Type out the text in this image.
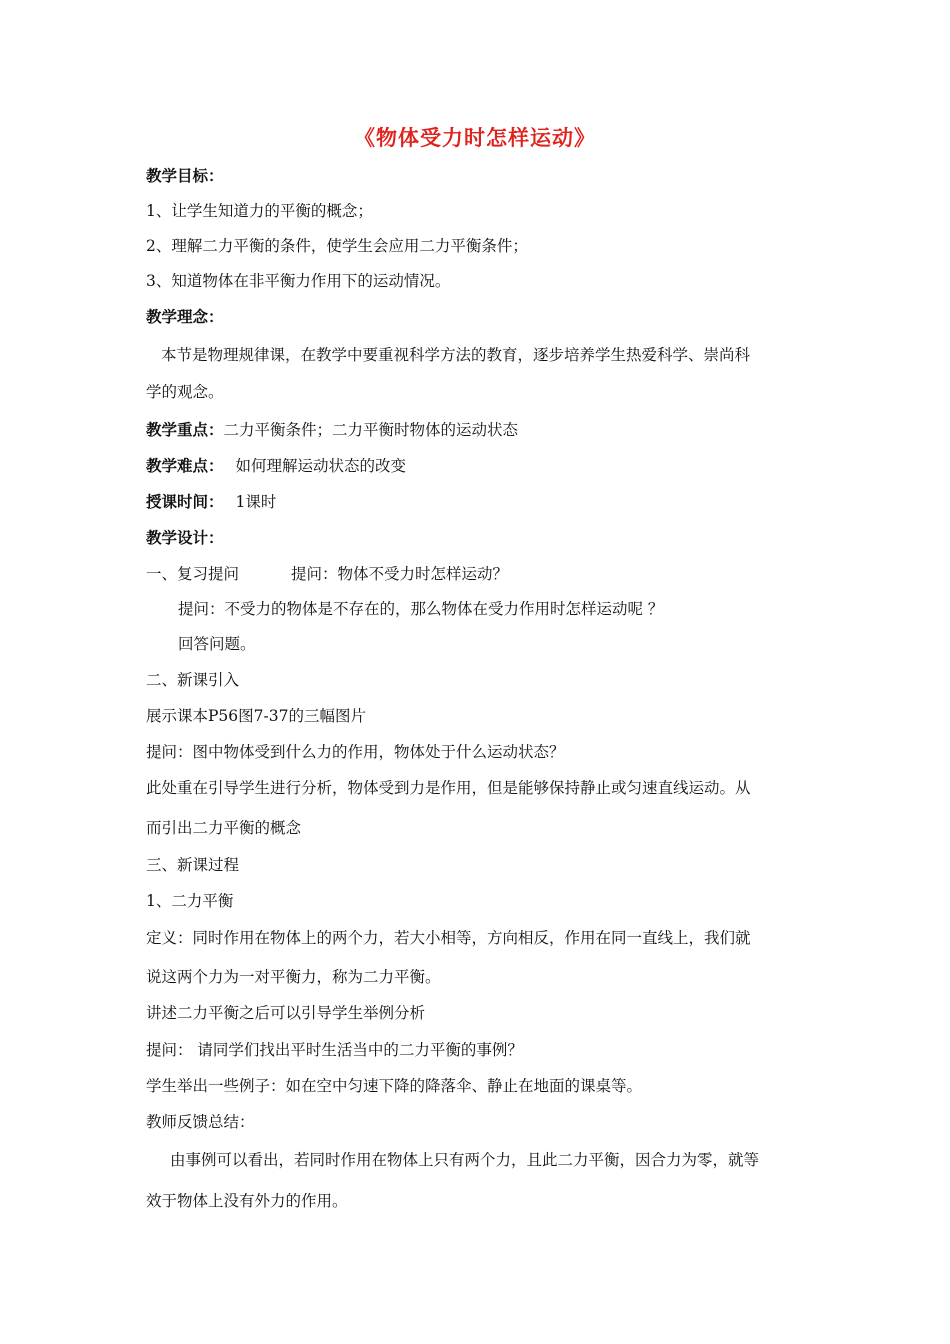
《物体受力时怎样运动》
教学目标：
1、让学生知道力的平衡的概念；
2、理解二力平衡的条件，使学生会应用二力平衡条件；
3、知道物体在非平衡力作用下的运动情况。
教学理念：
本节是物理规律课，在教学中要重视科学方法的教育，逐步培养学生热爱科学、崇尚科
学的观念。
教学重点：二力平衡条件；二力平衡时物体的运动状态
教学难点： 如何理解运动状态的改变
授课时间： 1课时
教学设计：
一、复习提问	提问：物体不受力时怎样运动？
提问：不受力的物体是不存在的，那么物体在受力作用时怎样运动呢 ？
回答问题。
二、新课引入
展示课本P56图7-37的三幅图片
提问：图中物体受到什么力的作用，物体处于什么运动状态？
此处重在引导学生进行分析，物体受到力是作用，但是能够保持静止或匀速直线运动。从
而引出二力平衡的概念
三、新课过程
1、二力平衡
定义：同时作用在物体上的两个力，若大小相等，方向相反，作用在同一直线上，我们就
说这两个力为一对平衡力，称为二力平衡。
讲述二力平衡之后可以引导学生举例分析
提问： 请同学们找出平时生活当中的二力平衡的事例？
学生举出一些例子：如在空中匀速下降的降落伞、静止在地面的课桌等。
教师反馈总结：
由事例可以看出，若同时作用在物体上只有两个力，且此二力平衡，因合力为零，就等
效于物体上没有外力的作用。
